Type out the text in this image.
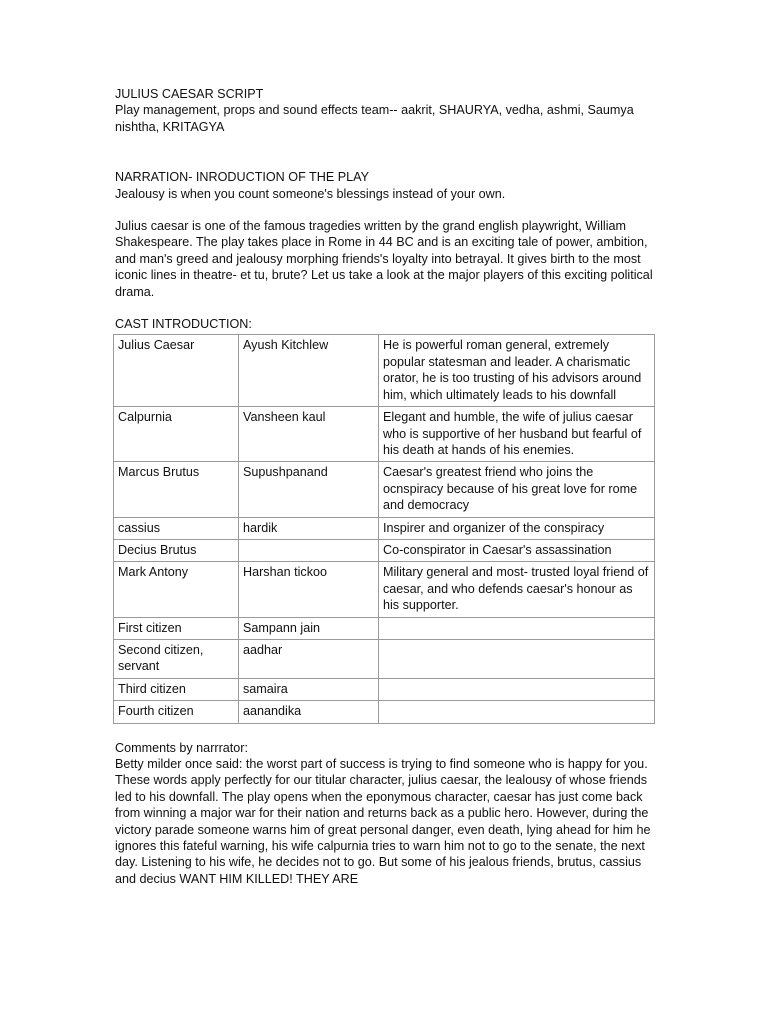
JULIUS CAESAR SCRIPT

Play management, props and sound effects team-- aakrit, SHAURYA, vedha, ashmi, Saumya nishtha, KRITAGYA

NARRATION- INRODUCTION OF THE PLAY

Jealousy is when you count someone's blessings instead of your own.

Julius caesar is one of the famous tragedies written by the grand english playwright, William Shakespeare. The play takes place in Rome in 44 BC and is an exciting tale of power, ambition, and man's greed and jealousy morphing friends's loyalty into betrayal. It gives birth to the most iconic lines in theatre- et tu, brute? Let us take a look at the major players of this exciting political drama.

CAST INTRODUCTION:

Julius Caesar	Ayush Kitchlew	He is powerful roman general, extremely popular statesman and leader. A charismatic orator, he is too trusting of his advisors around him, which ultimately leads to his downfall
Calpurnia	Vansheen kaul	Elegant and humble, the wife of julius caesar who is supportive of her husband but fearful of his death at hands of his enemies.
Marcus Brutus	Supushpanand	Caesar's greatest friend who joins the ocnspiracy because of his great love for rome and democracy
cassius	hardik	Inspirer and organizer of the conspiracy
Decius Brutus		Co-conspirator in Caesar's assassination
Mark Antony	Harshan tickoo	Military general and most- trusted loyal friend of caesar, and who defends caesar's honour as his supporter.
First citizen	Sampann jain	
Second citizen, servant	aadhar	
Third citizen	samaira	
Fourth citizen	aanandika	

Comments by narrrator:

Betty milder once said: the worst part of success is trying to find someone who is happy for you. These words apply perfectly for our titular character, julius caesar, the lealousy of whose friends led to his downfall. The play opens when the eponymous character, caesar has just come back from winning a major war for their nation and returns back as a public hero. However, during the victory parade someone warns him of great personal danger, even death, lying ahead for him he ignores this fateful warning, his wife calpurnia tries to warn him not to go to the senate, the next day. Listening to his wife, he decides not to go. But some of his jealous friends, brutus, cassius and decius WANT HIM KILLED! THEY ARE
